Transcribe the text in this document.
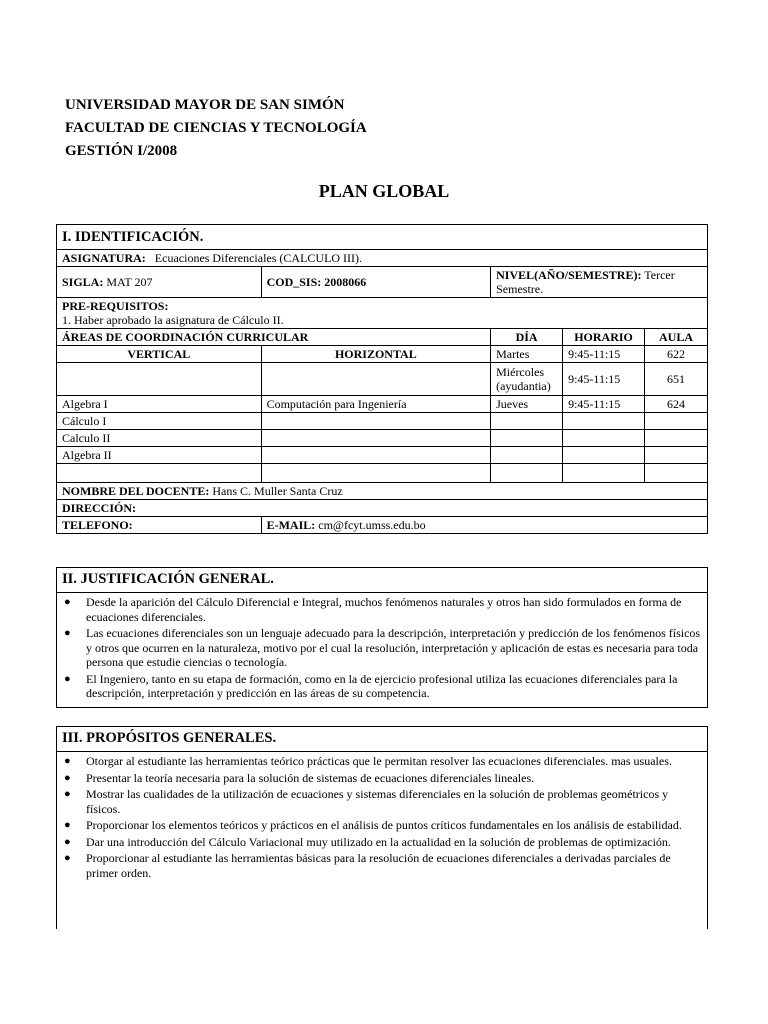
UNIVERSIDAD MAYOR DE SAN SIMÓN
FACULTAD DE CIENCIAS Y TECNOLOGÍA
GESTIÓN I/2008
PLAN GLOBAL
I. IDENTIFICACIÓN.				
ASIGNATURA: Ecuaciones Diferenciales (CALCULO III).				
SIGLA: MAT 207	COD_SIS: 2008066	NIVEL(AÑO/SEMESTRE): Tercer Semestre.		

PRE-REQUISITOS:
1. Haber aprobado la asignatura de Cálculo II.				

ÁREAS DE COORDINACIÓN CURRICULAR		DÍA	HORARIO	AULA
VERTICAL	HORIZONTAL	Martes	9:45-11:15	622
		Miércoles (ayudantia)	9:45-11:15	651
Algebra I	Computación para Ingeniería	Jueves	9:45-11:15	624
Cálculo I				
Calculo II				
Algebra II				

NOMBRE DEL DOCENTE: Hans C. Muller Santa Cruz				
DIRECCIÓN:				
TELEFONO:	E-MAIL: cm@fcyt.umss.edu.bo			
II. JUSTIFICACIÓN GENERAL.
● Desde la aparición del Cálculo Diferencial e Integral, muchos fenómenos naturales y otros han sido formulados en forma de ecuaciones diferenciales.
● Las ecuaciones diferenciales son un lenguaje adecuado para la descripción, interpretación y predicción de los fenómenos físicos y otros que ocurren en la naturaleza, motivo por el cual la resolución, interpretación y aplicación de estas es necesaria para toda persona que estudie ciencias o tecnología.
● El Ingeniero, tanto en su etapa de formación, como en la de ejercicio profesional utiliza las ecuaciones diferenciales para la descripción, interpretación y predicción en las áreas de su competencia.
III. PROPÓSITOS GENERALES.
● Otorgar al estudiante las herramientas teórico prácticas que le permitan resolver las ecuaciones diferenciales. mas usuales.
● Presentar la teoría necesaria para la solución de sistemas de ecuaciones diferenciales lineales.
● Mostrar las cualidades de la utilización de ecuaciones y sistemas diferenciales en la solución de problemas geométricos y físicos.
● Proporcionar los elementos teóricos y prácticos en el análisis de puntos críticos fundamentales en los análisis de estabilidad.
● Dar una introducción del Cálculo Variacional muy utilizado en la actualidad en la solución de problemas de optimización.
● Proporcionar al estudiante las herramientas básicas para la resolución de ecuaciones diferenciales a derivadas parciales de primer orden.
